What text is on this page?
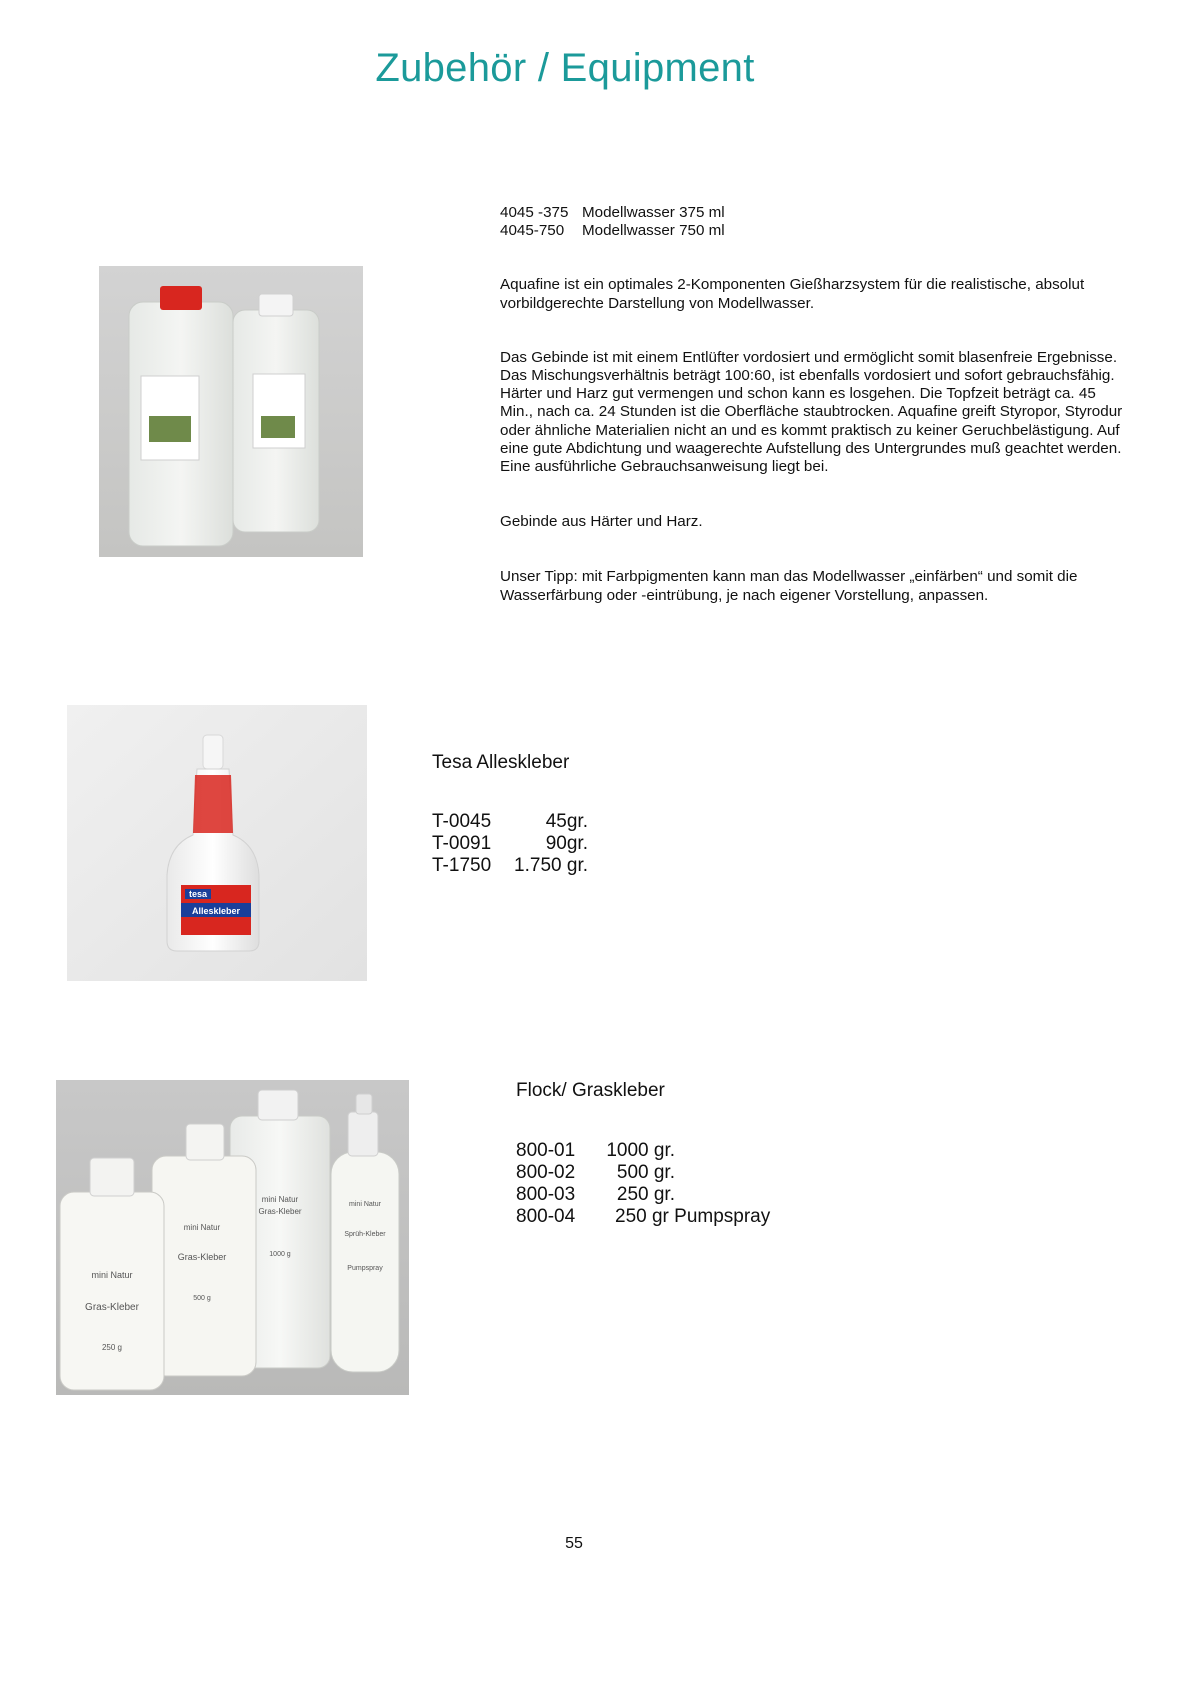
Zubehör / Equipment
4045 -375 Modellwasser 375 ml
4045-750 Modellwasser 750 ml

Aquafine ist ein optimales 2-Komponenten Gießharzsystem für die realistische, absolut vorbildgerechte Darstellung von Modellwasser.

Das Gebinde ist mit einem Entlüfter vordosiert und ermöglicht somit blasenfreie Ergebnisse. Das Mischungsverhältnis beträgt 100:60, ist ebenfalls vordosiert und sofort gebrauchsfähig. Härter und Harz gut vermengen und schon kann es losgehen. Die Topfzeit beträgt ca. 45 Min., nach ca. 24 Stunden ist die Oberfläche staubtrocken. Aquafine greift Styropor, Styrodur oder ähnliche Materialien nicht an und es kommt praktisch zu keiner Geruchbelästigung. Auf eine gute Abdichtung und waagerechte Aufstellung des Untergrundes muß geachtet werden. Eine ausführliche Gebrauchsanweisung liegt bei.

Gebinde aus Härter und Harz.

Unser Tipp: mit Farbpigmenten kann man das Modellwasser „einfärben“ und somit die Wasserfärbung oder -eintrübung, je nach eigener Vorstellung, anpassen.

tesa
Alleskleber
Tesa Alleskleber
T-0045	45gr.
T-0091	90gr.
T-1750 1.750 gr.
mini Natur
Gras-Kleber
1000 g
mini Natur
Sprüh-Kleber
Pumpspray
mini Natur
Gras-Kleber
500 g
mini Natur
Gras-Kleber
250 g
Flock/ Graskleber
800-01 1000 gr.
800-02 500 gr.
800-03 250 gr.
800-04 250 gr Pumpspray
55
